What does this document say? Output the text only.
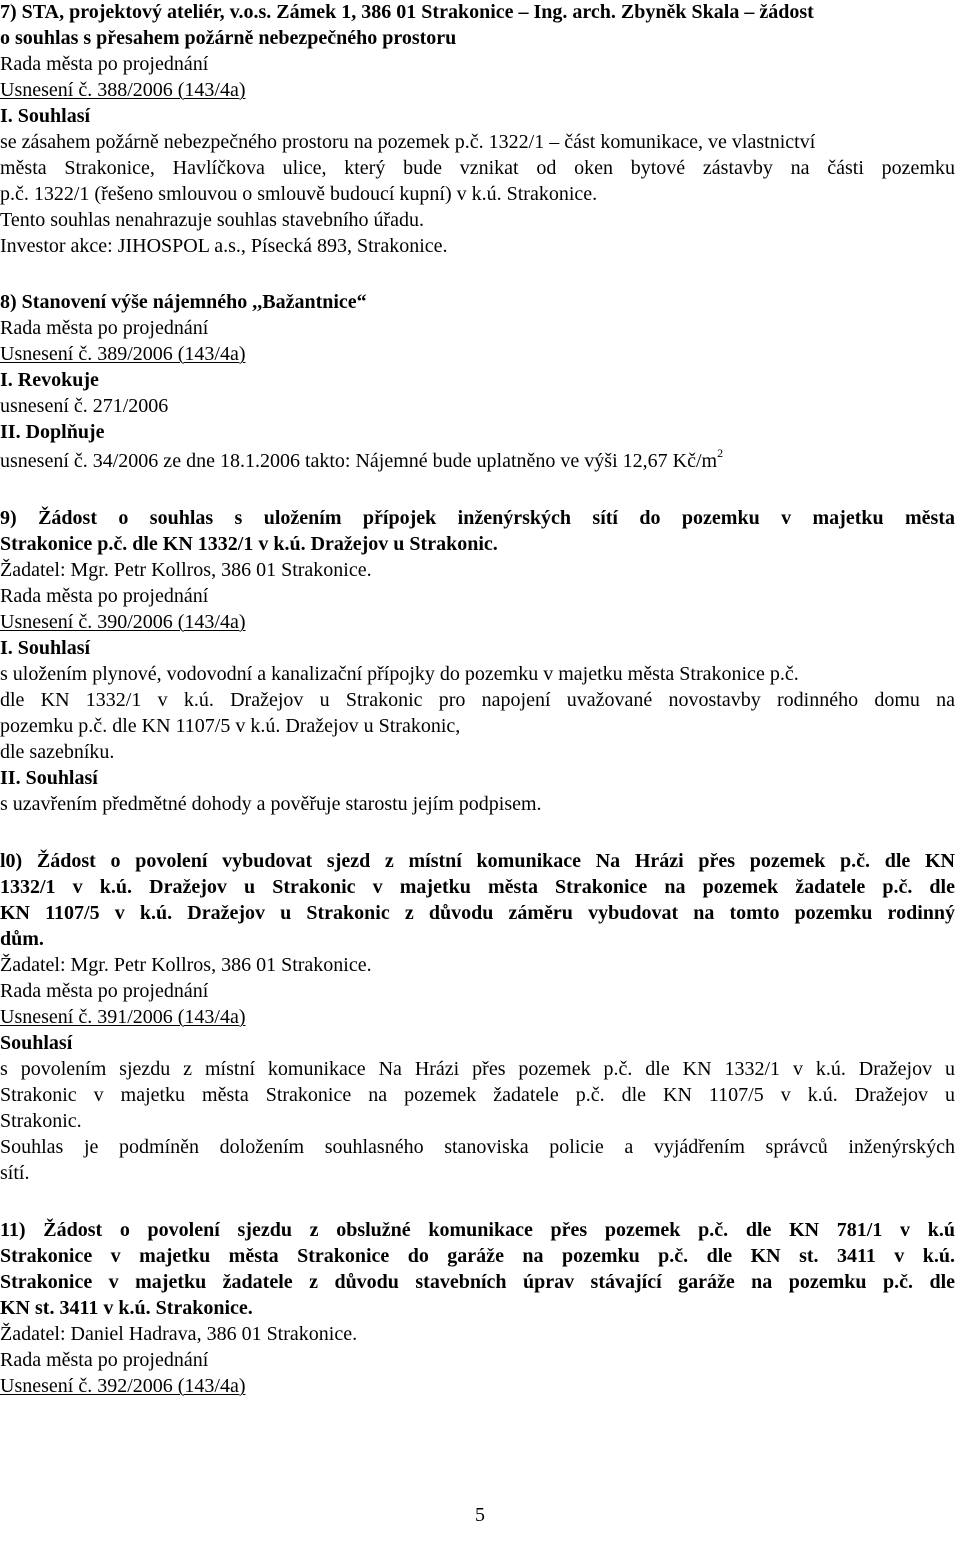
7) STA, projektový ateliér, v.o.s. Zámek 1, 386 01 Strakonice – Ing. arch. Zbyněk Skala – žádost
o souhlas s přesahem požárně nebezpečného prostoru
Rada města po projednání
Usnesení č. 388/2006 (143/4a)
I. Souhlasí
se zásahem požárně nebezpečného prostoru na pozemek p.č. 1322/1 – část komunikace, ve vlastnictví
města Strakonice, Havlíčkova ulice, který bude vznikat od oken bytové zástavby na části pozemku
p.č. 1322/1 (řešeno smlouvou o smlouvě budoucí kupní) v k.ú. Strakonice.
Tento souhlas nenahrazuje souhlas stavebního úřadu.
Investor akce: JIHOSPOL a.s., Písecká 893, Strakonice.
8) Stanovení výše nájemného ,,Bažantnice“
Rada města po projednání
Usnesení č. 389/2006 (143/4a)
I. Revokuje
usnesení č. 271/2006
II. Doplňuje
usnesení č. 34/2006 ze dne 18.1.2006 takto: Nájemné bude uplatněno ve výši 12,67 $Kč/m^2$
9) Žádost o souhlas s uložením přípojek inženýrských sítí do pozemku v majetku města
Strakonice p.č. dle KN 1332/1 v k.ú. Dražejov u Strakonic.
Žadatel: Mgr. Petr Kollros, 386 01 Strakonice.
Rada města po projednání
Usnesení č. 390/2006 (143/4a)
I. Souhlasí
s uložením plynové, vodovodní a kanalizační přípojky do pozemku v majetku města Strakonice p.č.
dle KN 1332/1 v k.ú. Dražejov u Strakonic pro napojení uvažované novostavby rodinného domu na
pozemku p.č. dle KN 1107/5 v k.ú. Dražejov u Strakonic,
dle sazebníku.
II. Souhlasí
s uzavřením předmětné dohody a pověřuje starostu jejím podpisem.
l0) Žádost o povolení vybudovat sjezd z místní komunikace Na Hrázi přes pozemek p.č. dle KN
1332/1 v k.ú. Dražejov u Strakonic v majetku města Strakonice na pozemek žadatele p.č. dle
KN 1107/5 v k.ú. Dražejov u Strakonic z důvodu záměru vybudovat na tomto pozemku rodinný
dům.
Žadatel: Mgr. Petr Kollros, 386 01 Strakonice.
Rada města po projednání
Usnesení č. 391/2006 (143/4a)
Souhlasí
s povolením sjezdu z místní komunikace Na Hrázi přes pozemek p.č. dle KN 1332/1 v k.ú. Dražejov u
Strakonic v majetku města Strakonice na pozemek žadatele p.č. dle KN 1107/5 v k.ú. Dražejov u
Strakonic.
Souhlas je podmíněn doložením souhlasného stanoviska policie a vyjádřením správců inženýrských
sítí.
11) Žádost o povolení sjezdu z obslužné komunikace přes pozemek p.č. dle KN 781/1 v k.ú
Strakonice v majetku města Strakonice do garáže na pozemku p.č. dle KN st. 3411 v k.ú.
Strakonice v majetku žadatele z důvodu stavebních úprav stávající garáže na pozemku p.č. dle
KN st. 3411 v k.ú. Strakonice.
Žadatel: Daniel Hadrava, 386 01 Strakonice.
Rada města po projednání
Usnesení č. 392/2006 (143/4a)
5
